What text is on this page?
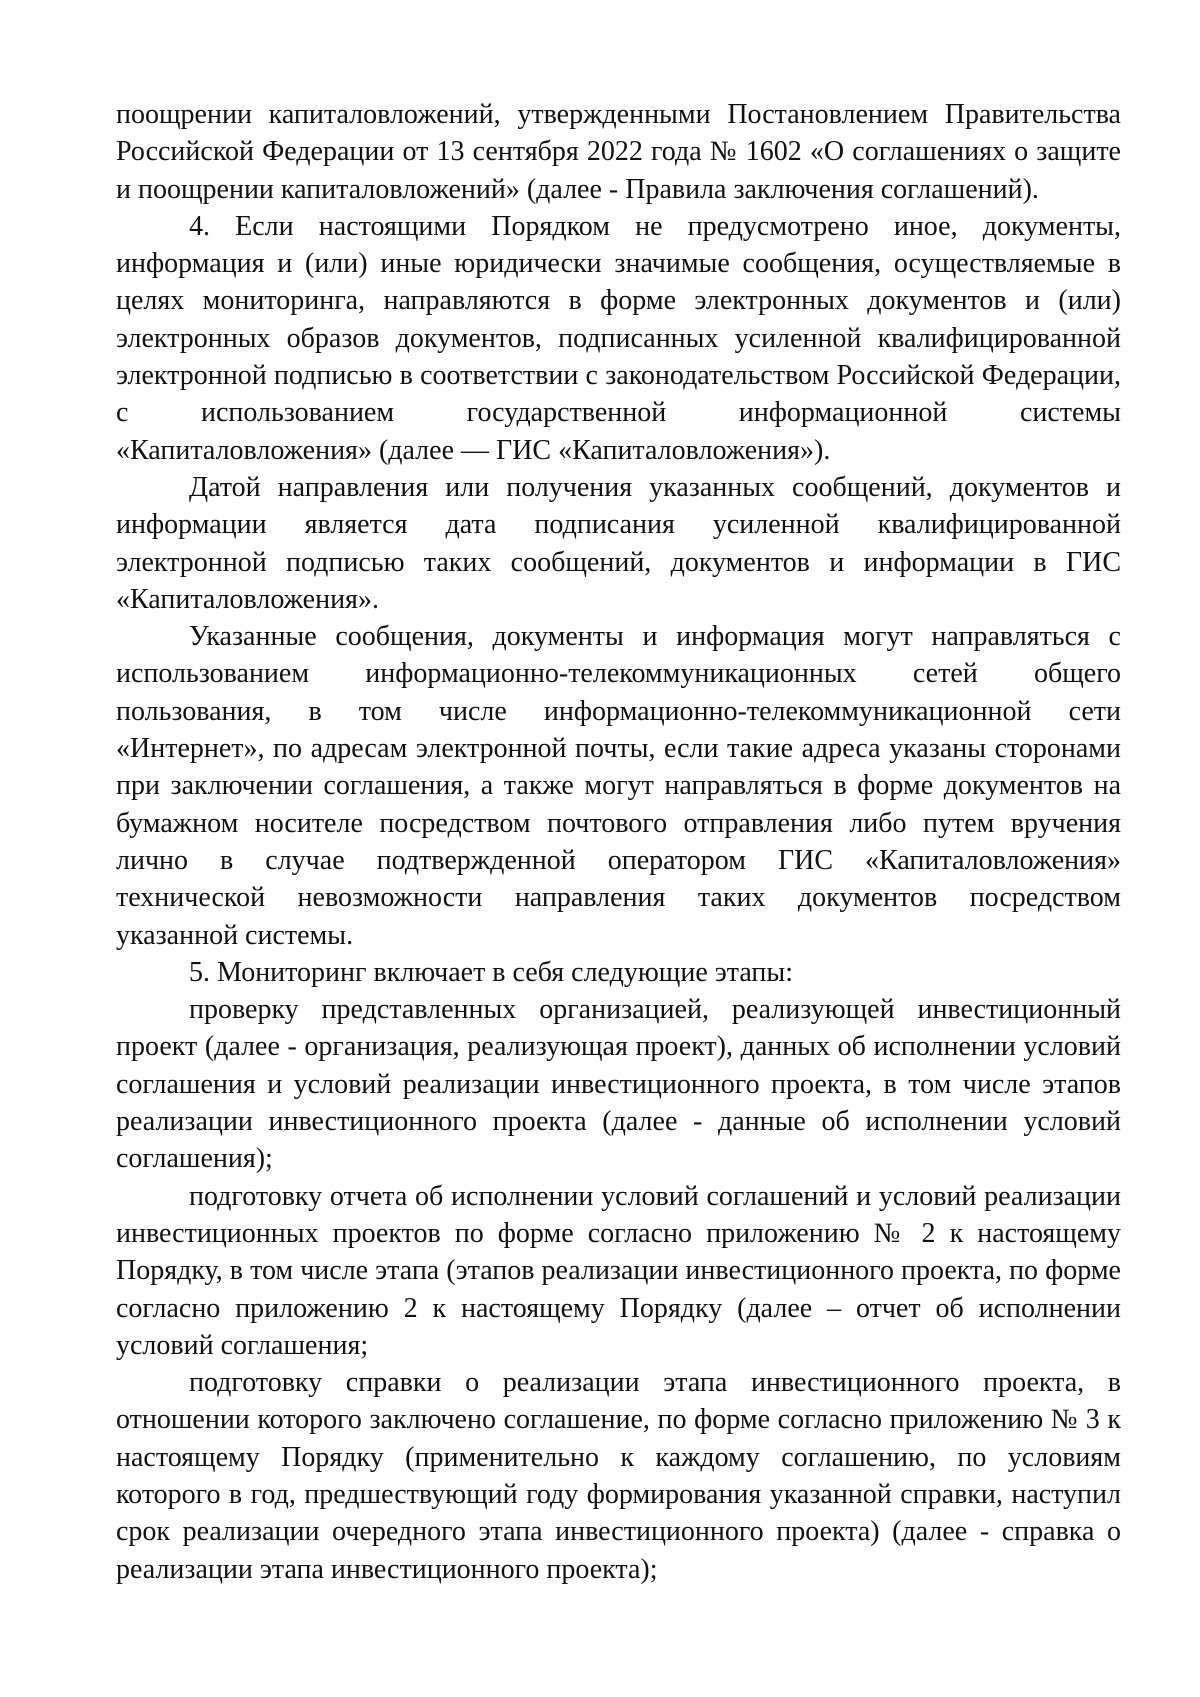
поощрении капиталовложений, утвержденными Постановлением Правительства Российской Федерации от 13 сентября 2022 года № 1602 «О соглашениях о защите и поощрении капиталовложений» (далее - Правила заключения соглашений).

4. Если настоящими Порядком не предусмотрено иное, документы, информация и (или) иные юридически значимые сообщения, осуществляемые в целях мониторинга, направляются в форме электронных документов и (или) электронных образов документов, подписанных усиленной квалифицированной электронной подписью в соответствии с законодательством Российской Федерации, с использованием государственной информационной системы «Капиталовложения» (далее — ГИС «Капиталовложения»).

Датой направления или получения указанных сообщений, документов и информации является дата подписания усиленной квалифицированной электронной подписью таких сообщений, документов и информации в ГИС «Капиталовложения».

Указанные сообщения, документы и информация могут направляться с использованием информационно-телекоммуникационных сетей общего пользования, в том числе информационно-телекоммуникационной сети «Интернет», по адресам электронной почты, если такие адреса указаны сторонами при заключении соглашения, а также могут направляться в форме документов на бумажном носителе посредством почтового отправления либо путем вручения лично в случае подтвержденной оператором ГИС «Капиталовложения» технической невозможности направления таких документов посредством указанной системы.

5. Мониторинг включает в себя следующие этапы:

проверку представленных организацией, реализующей инвестиционный проект (далее - организация, реализующая проект), данных об исполнении условий соглашения и условий реализации инвестиционного проекта, в том числе этапов реализации инвестиционного проекта (далее - данные об исполнении условий соглашения);

подготовку отчета об исполнении условий соглашений и условий реализации инвестиционных проектов по форме согласно приложению № 2 к настоящему Порядку, в том числе этапа (этапов реализации инвестиционного проекта, по форме согласно приложению 2 к настоящему Порядку (далее – отчет об исполнении условий соглашения;

подготовку справки о реализации этапа инвестиционного проекта, в отношении которого заключено соглашение, по форме согласно приложению № 3 к настоящему Порядку (применительно к каждому соглашению, по условиям которого в год, предшествующий году формирования указанной справки, наступил срок реализации очередного этапа инвестиционного проекта) (далее - справка о реализации этапа инвестиционного проекта);
